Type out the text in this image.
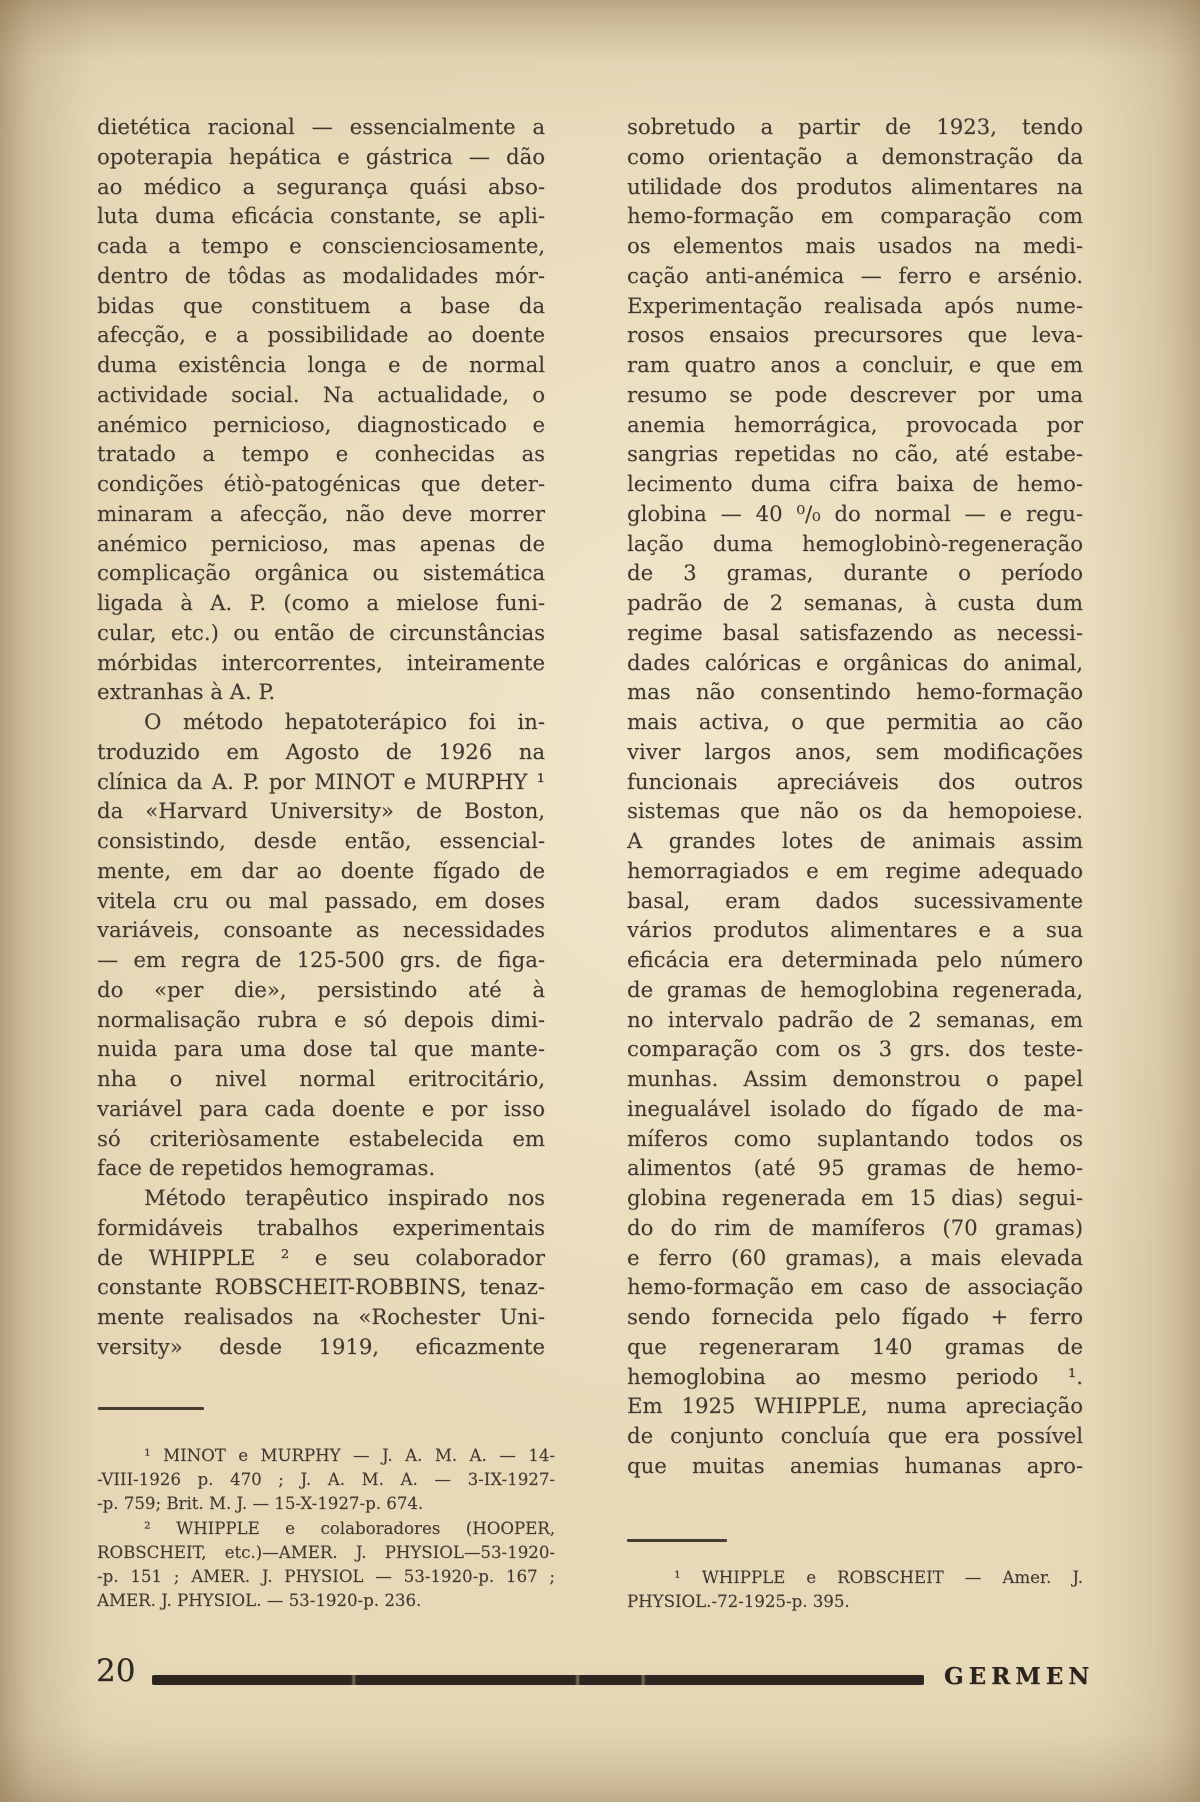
dietética racional — essencialmente a
opoterapia hepática e gástrica — dão
ao médico a segurança quási abso-
luta duma eficácia constante, se apli-
cada a tempo e conscienciosamente,
dentro de tôdas as modalidades mór-
bidas que constituem a base da
afecção, e a possibilidade ao doente
duma existência longa e de normal
actividade social. Na actualidade, o
anémico pernicioso, diagnosticado e
tratado a tempo e conhecidas as
condições étiò-patogénicas que deter-
minaram a afecção, não deve morrer
anémico pernicioso, mas apenas de
complicação orgânica ou sistemática
ligada à A. P. (como a mielose funi-
cular, etc.) ou então de circunstâncias
mórbidas intercorrentes, inteiramente
extranhas à A. P.
O método hepatoterápico foi in-
troduzido em Agosto de 1926 na
clínica da A. P. por MINOT e MURPHY ¹
da «Harvard University» de Boston,
consistindo, desde então, essencial-
mente, em dar ao doente fígado de
vitela cru ou mal passado, em doses
variáveis, consoante as necessidades
— em regra de 125-500 grs. de figa-
do «per die», persistindo até à
normalisação rubra e só depois dimi-
nuida para uma dose tal que mante-
nha o nivel normal eritrocitário,
variável para cada doente e por isso
só criteriòsamente estabelecida em
face de repetidos hemogramas.
Método terapêutico inspirado nos
formidáveis trabalhos experimentais
de WHIPPLE ² e seu colaborador
constante ROBSCHEIT-ROBBINS, tenaz-
mente realisados na «Rochester Uni-
versity» desde 1919, eficazmente
sobretudo a partir de 1923, tendo
como orientação a demonstração da
utilidade dos produtos alimentares na
hemo-formação em comparação com
os elementos mais usados na medi-
cação anti-anémica — ferro e arsénio.
Experimentação realisada após nume-
rosos ensaios precursores que leva-
ram quatro anos a concluir, e que em
resumo se pode descrever por uma
anemia hemorrágica, provocada por
sangrias repetidas no cão, até estabe-
lecimento duma cifra baixa de hemo-
globina — 40 ⁰/₀ do normal — e regu-
lação duma hemoglobinò-regeneração
de 3 gramas, durante o período
padrão de 2 semanas, à custa dum
regime basal satisfazendo as necessi-
dades calóricas e orgânicas do animal,
mas não consentindo hemo-formação
mais activa, o que permitia ao cão
viver largos anos, sem modificações
funcionais apreciáveis dos outros
sistemas que não os da hemopoiese.
A grandes lotes de animais assim
hemorragiados e em regime adequado
basal, eram dados sucessivamente
vários produtos alimentares e a sua
eficácia era determinada pelo número
de gramas de hemoglobina regenerada,
no intervalo padrão de 2 semanas, em
comparação com os 3 grs. dos teste-
munhas. Assim demonstrou o papel
inegualável isolado do fígado de ma-
míferos como suplantando todos os
alimentos (até 95 gramas de hemo-
globina regenerada em 15 dias) segui-
do do rim de mamíferos (70 gramas)
e ferro (60 gramas), a mais elevada
hemo-formação em caso de associação
sendo fornecida pelo fígado + ferro
que regeneraram 140 gramas de
hemoglobina ao mesmo periodo ¹.
Em 1925 WHIPPLE, numa apreciação
de conjunto concluía que era possível
que muitas anemias humanas apro-
¹ MINOT e MURPHY — J. A. M. A. — 14-
-VIII-1926 p. 470 ; J. A. M. A. — 3-IX-1927-
-p. 759; Brit. M. J. — 15-X-1927-p. 674.
² WHIPPLE e colaboradores (HOOPER,
ROBSCHEIT, etc.)—AMER. J. PHYSIOL—53-1920-
-p. 151 ; AMER. J. PHYSIOL — 53-1920-p. 167 ;
AMER. J. PHYSIOL. — 53-1920-p. 236.
¹ WHIPPLE e ROBSCHEIT — Amer. J.
PHYSIOL.-72-1925-p. 395.
20	GERMEN
